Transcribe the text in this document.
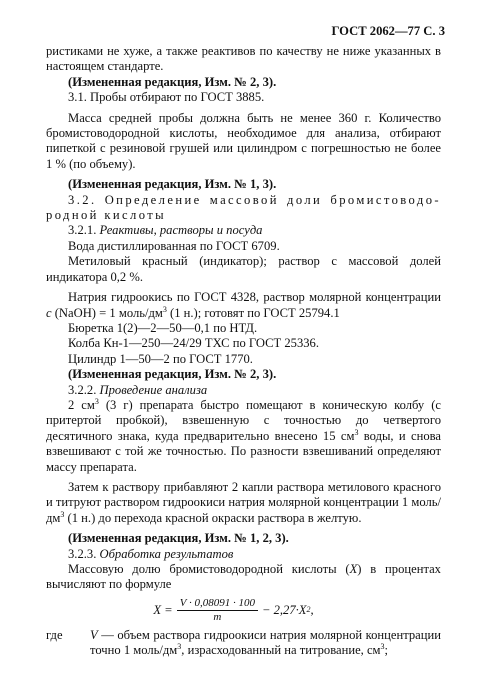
ГОСТ 2062—77 С. 3

ристиками не хуже, а также реактивов по качеству не ниже указанных в настоящем стандарте.

(Измененная редакция, Изм. № 2, 3).

3.1. Пробы отбирают по ГОСТ 3885.

Масса средней пробы должна быть не менее 360 г. Количество бромистоводородной кислоты, необходимое для анализа, отбирают пипеткой с резиновой грушей или цилиндром с погрешностью не более 1 % (по объему).

(Измененная редакция, Изм. № 1, 3).

3.2. Определение массовой доли бромистоводо-родной кислоты

3.2.1. Реактивы, растворы и посуда

Вода дистиллированная по ГОСТ 6709.

Метиловый красный (индикатор); раствор с массовой долей индикатора 0,2 %.

Натрия гидроокись по ГОСТ 4328, раствор молярной концентрации с (NaOH) = 1 моль/$дм^3$ (1 н.); готовят по ГОСТ 25794.1

Бюретка 1(2)—2—50—0,1 по НТД.

Колба Кн-1—250—24/29 ТХС по ГОСТ 25336.

Цилиндр 1—50—2 по ГОСТ 1770.

(Измененная редакция, Изм. № 2, 3).

3.2.2. Проведение анализа

2 $см^3$ (3 г) препарата быстро помещают в коническую колбу (с притертой пробкой), взвешенную с точностью до четвертого десятичного знака, куда предварительно внесено 15 $см^3$ воды, и снова взвешивают с той же точностью. По разности взвешиваний определяют массу препарата.

Затем к раствору прибавляют 2 капли раствора метилового красного и титруют раствором гидроокиси натрия молярной концентрации 1 моль/$дм^3$ (1 н.) до перехода красной окраски раствора в желтую.

(Измененная редакция, Изм. № 1, 2, 3).

3.2.3. Обработка результатов

Массовую долю бромистоводородной кислоты (X) в процентах вычисляют по формуле

$X = \frac{V \cdot 0,08091 \cdot 100}{m} - 2,27\cdot X$ 2 ,
где	V — объем раствора гидроокиси натрия молярной концентрации точно 1 моль/$дм^3$, израсходованный на титрование, $см^3$;
